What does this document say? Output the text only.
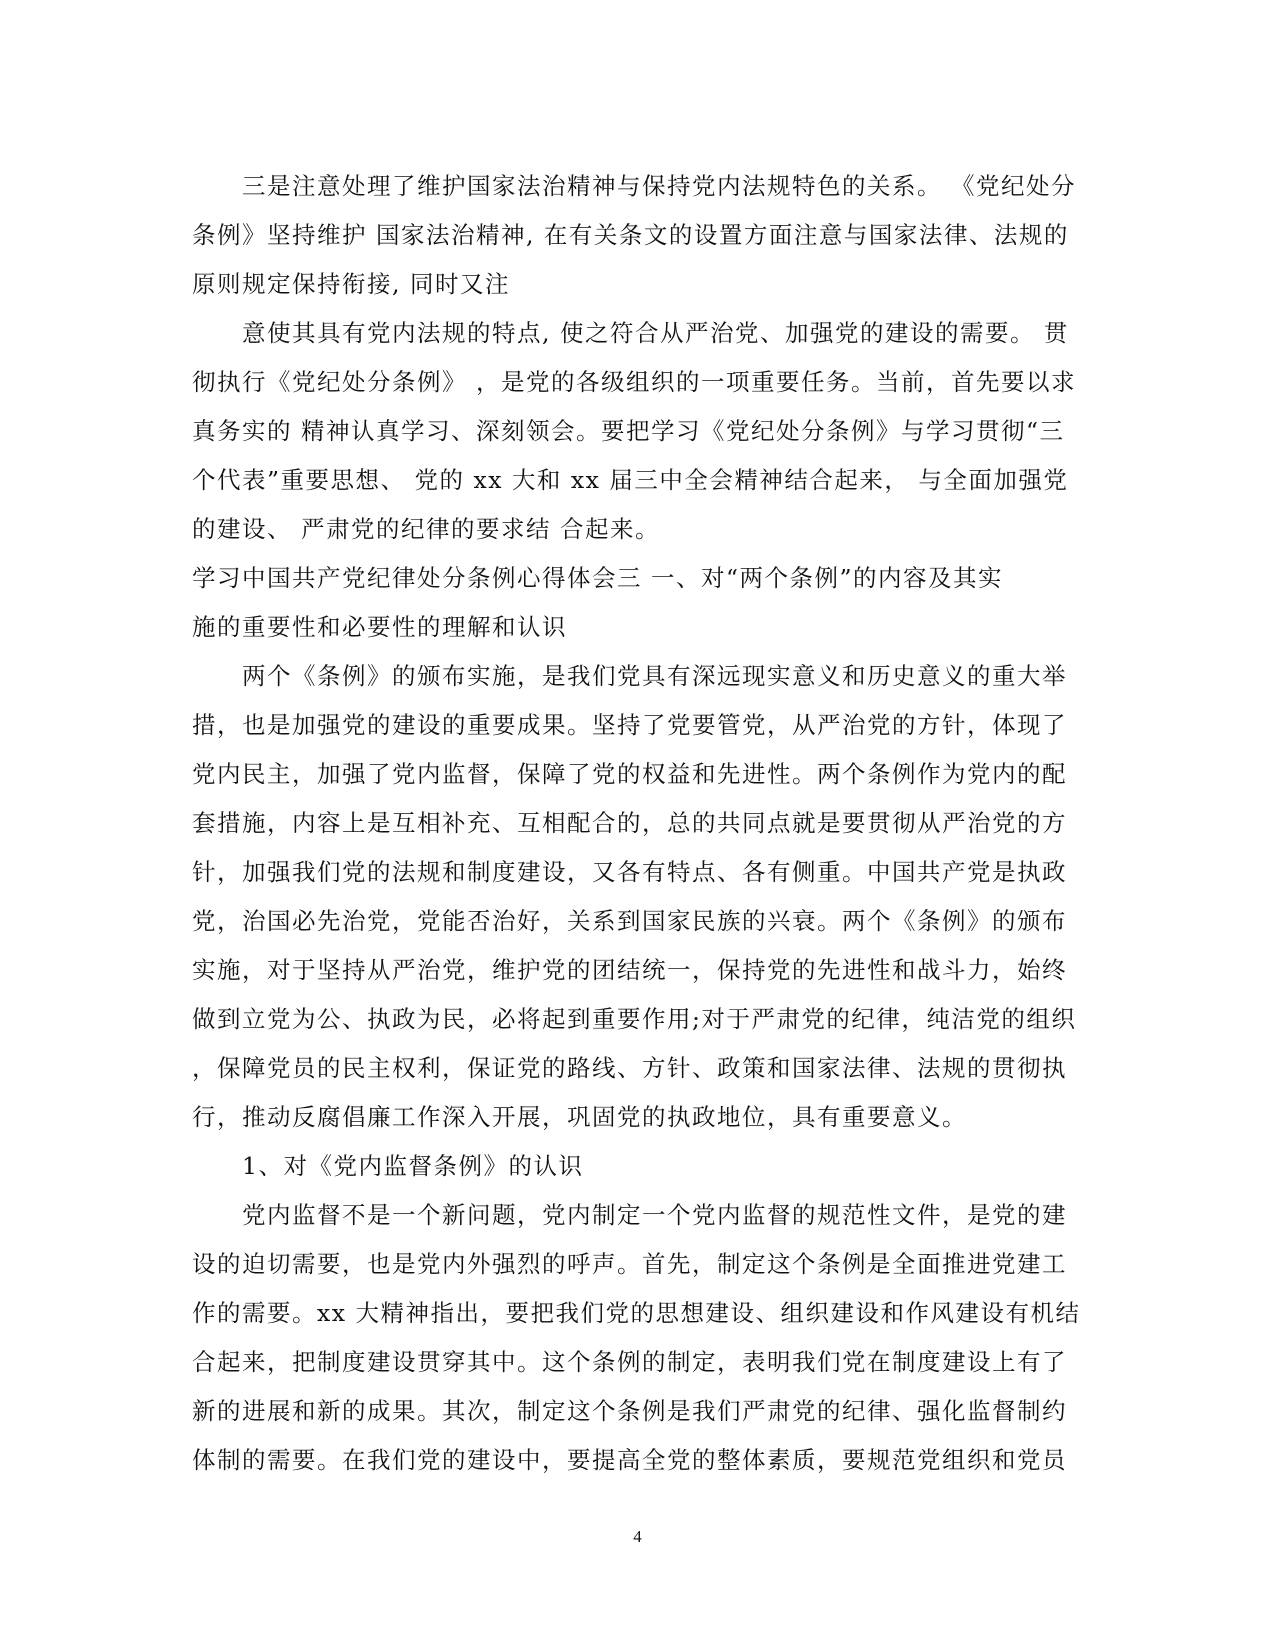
三是注意处理了维护国家法治精神与保持党内法规特色的关系。 《党纪处分
条例》坚持维护 国家法治精神, 在有关条文的设置方面注意与国家法律、法规的
原则规定保持衔接, 同时又注
意使其具有党内法规的特点, 使之符合从严治党、加强党的建设的需要。 贯
彻执行《党纪处分条例》 ，是党的各级组织的一项重要任务。当前，首先要以求
真务实的 精神认真学习、深刻领会。要把学习《党纪处分条例》与学习贯彻“三
个代表”重要思想、 党的 xx 大和 xx 届三中全会精神结合起来， 与全面加强党
的建设、 严肃党的纪律的要求结 合起来。
学习中国共产党纪律处分条例心得体会三 一、对“两个条例”的内容及其实
施的重要性和必要性的理解和认识
两个《条例》的颁布实施，是我们党具有深远现实意义和历史意义的重大举
措，也是加强党的建设的重要成果。坚持了党要管党，从严治党的方针，体现了
党内民主，加强了党内监督，保障了党的权益和先进性。两个条例作为党内的配
套措施，内容上是互相补充、互相配合的，总的共同点就是要贯彻从严治党的方
针，加强我们党的法规和制度建设，又各有特点、各有侧重。中国共产党是执政
党，治国必先治党，党能否治好，关系到国家民族的兴衰。两个《条例》的颁布
实施，对于坚持从严治党，维护党的团结统一，保持党的先进性和战斗力，始终
做到立党为公、执政为民，必将起到重要作用;对于严肃党的纪律，纯洁党的组织
，保障党员的民主权利，保证党的路线、方针、政策和国家法律、法规的贯彻执
行，推动反腐倡廉工作深入开展，巩固党的执政地位，具有重要意义。
1、对《党内监督条例》的认识
党内监督不是一个新问题，党内制定一个党内监督的规范性文件，是党的建
设的迫切需要，也是党内外强烈的呼声。首先，制定这个条例是全面推进党建工
作的需要。xx 大精神指出，要把我们党的思想建设、组织建设和作风建设有机结
合起来，把制度建设贯穿其中。这个条例的制定，表明我们党在制度建设上有了
新的进展和新的成果。其次，制定这个条例是我们严肃党的纪律、强化监督制约
体制的需要。在我们党的建设中，要提高全党的整体素质，要规范党组织和党员
4
